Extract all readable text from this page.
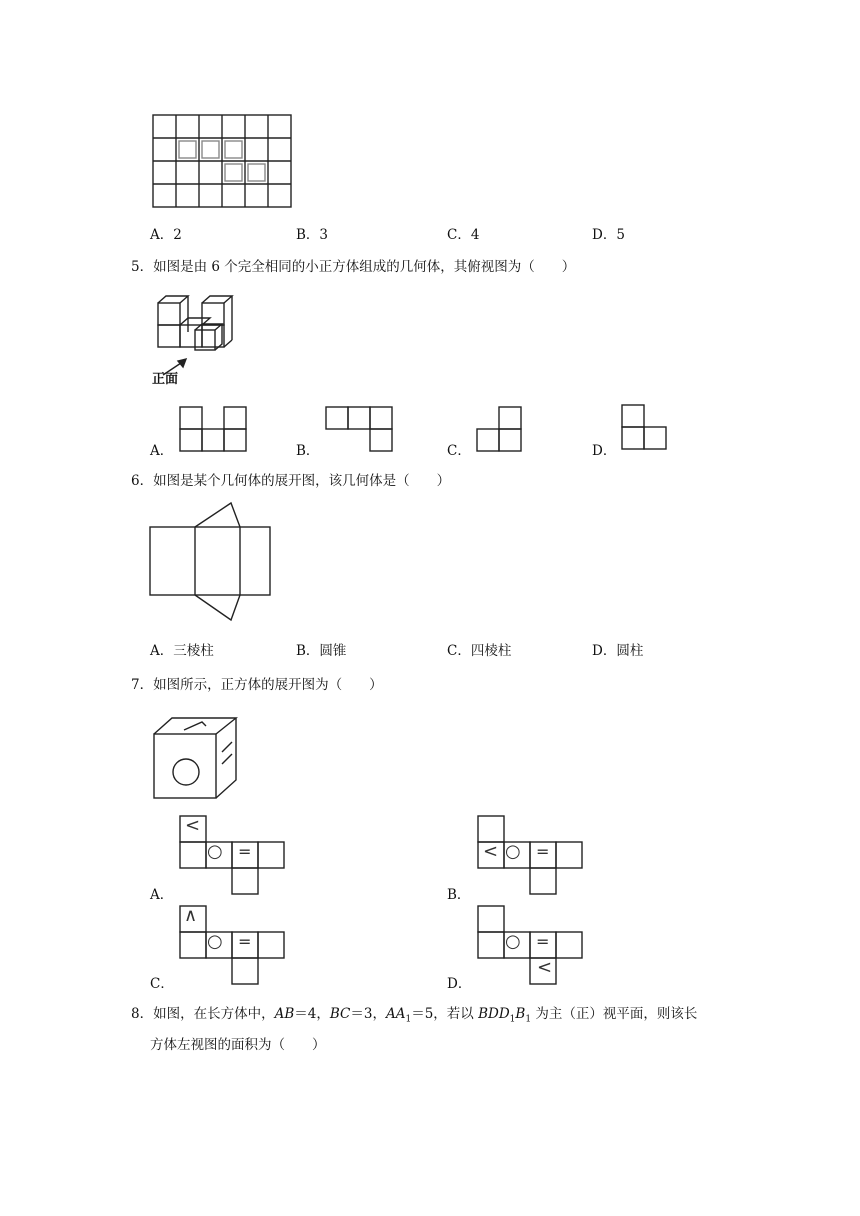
A．2	B．3	C．4	D．5
5．如图是由 6 个完全相同的小正方体组成的几何体，其俯视图为（　　）
正面
A．	B．	C．	D．
6．如图是某个几何体的展开图，该几何体是（　　）
A．三棱柱	B．圆锥	C．四棱柱	D．圆柱
7．如图所示，正方体的展开图为（　　）
<
○ =
A．
< ○ =
B．
∧
○ =
C．
○ =
<
D．
8．如图，在长方体中，AB＝4，BC＝3，$AA_1=5$，若以 $BDD_1B_1$ 为主（正）视平面，则该长
方体左视图的面积为（　　）
